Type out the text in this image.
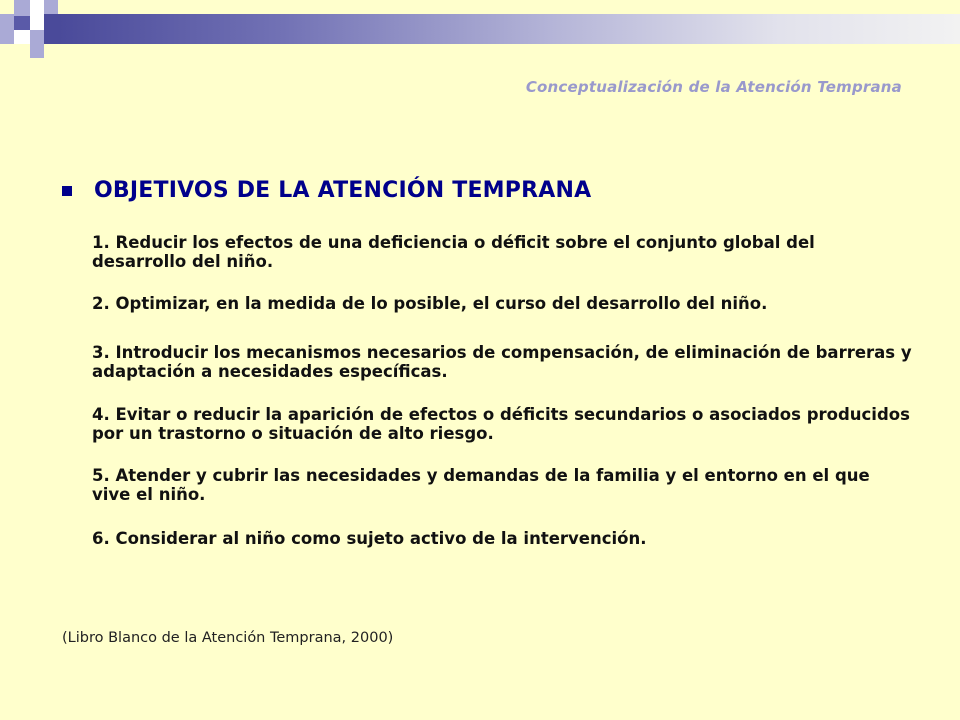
Conceptualización de la Atención Temprana
OBJETIVOS DE LA ATENCIÓN TEMPRANA
1. Reducir los efectos de una deficiencia o déficit sobre el conjunto global del desarrollo del niño.
2. Optimizar, en la medida de lo posible, el curso del desarrollo del niño.
3. Introducir los mecanismos necesarios de compensación, de eliminación de barreras y adaptación a necesidades específicas.
4. Evitar o reducir la aparición de efectos o déficits secundarios o asociados producidos por un trastorno o situación de alto riesgo.
5. Atender y cubrir las necesidades y demandas de la familia y el entorno en el que vive el niño.
6. Considerar al niño como sujeto activo de la intervención.
(Libro Blanco de la Atención Temprana, 2000)
